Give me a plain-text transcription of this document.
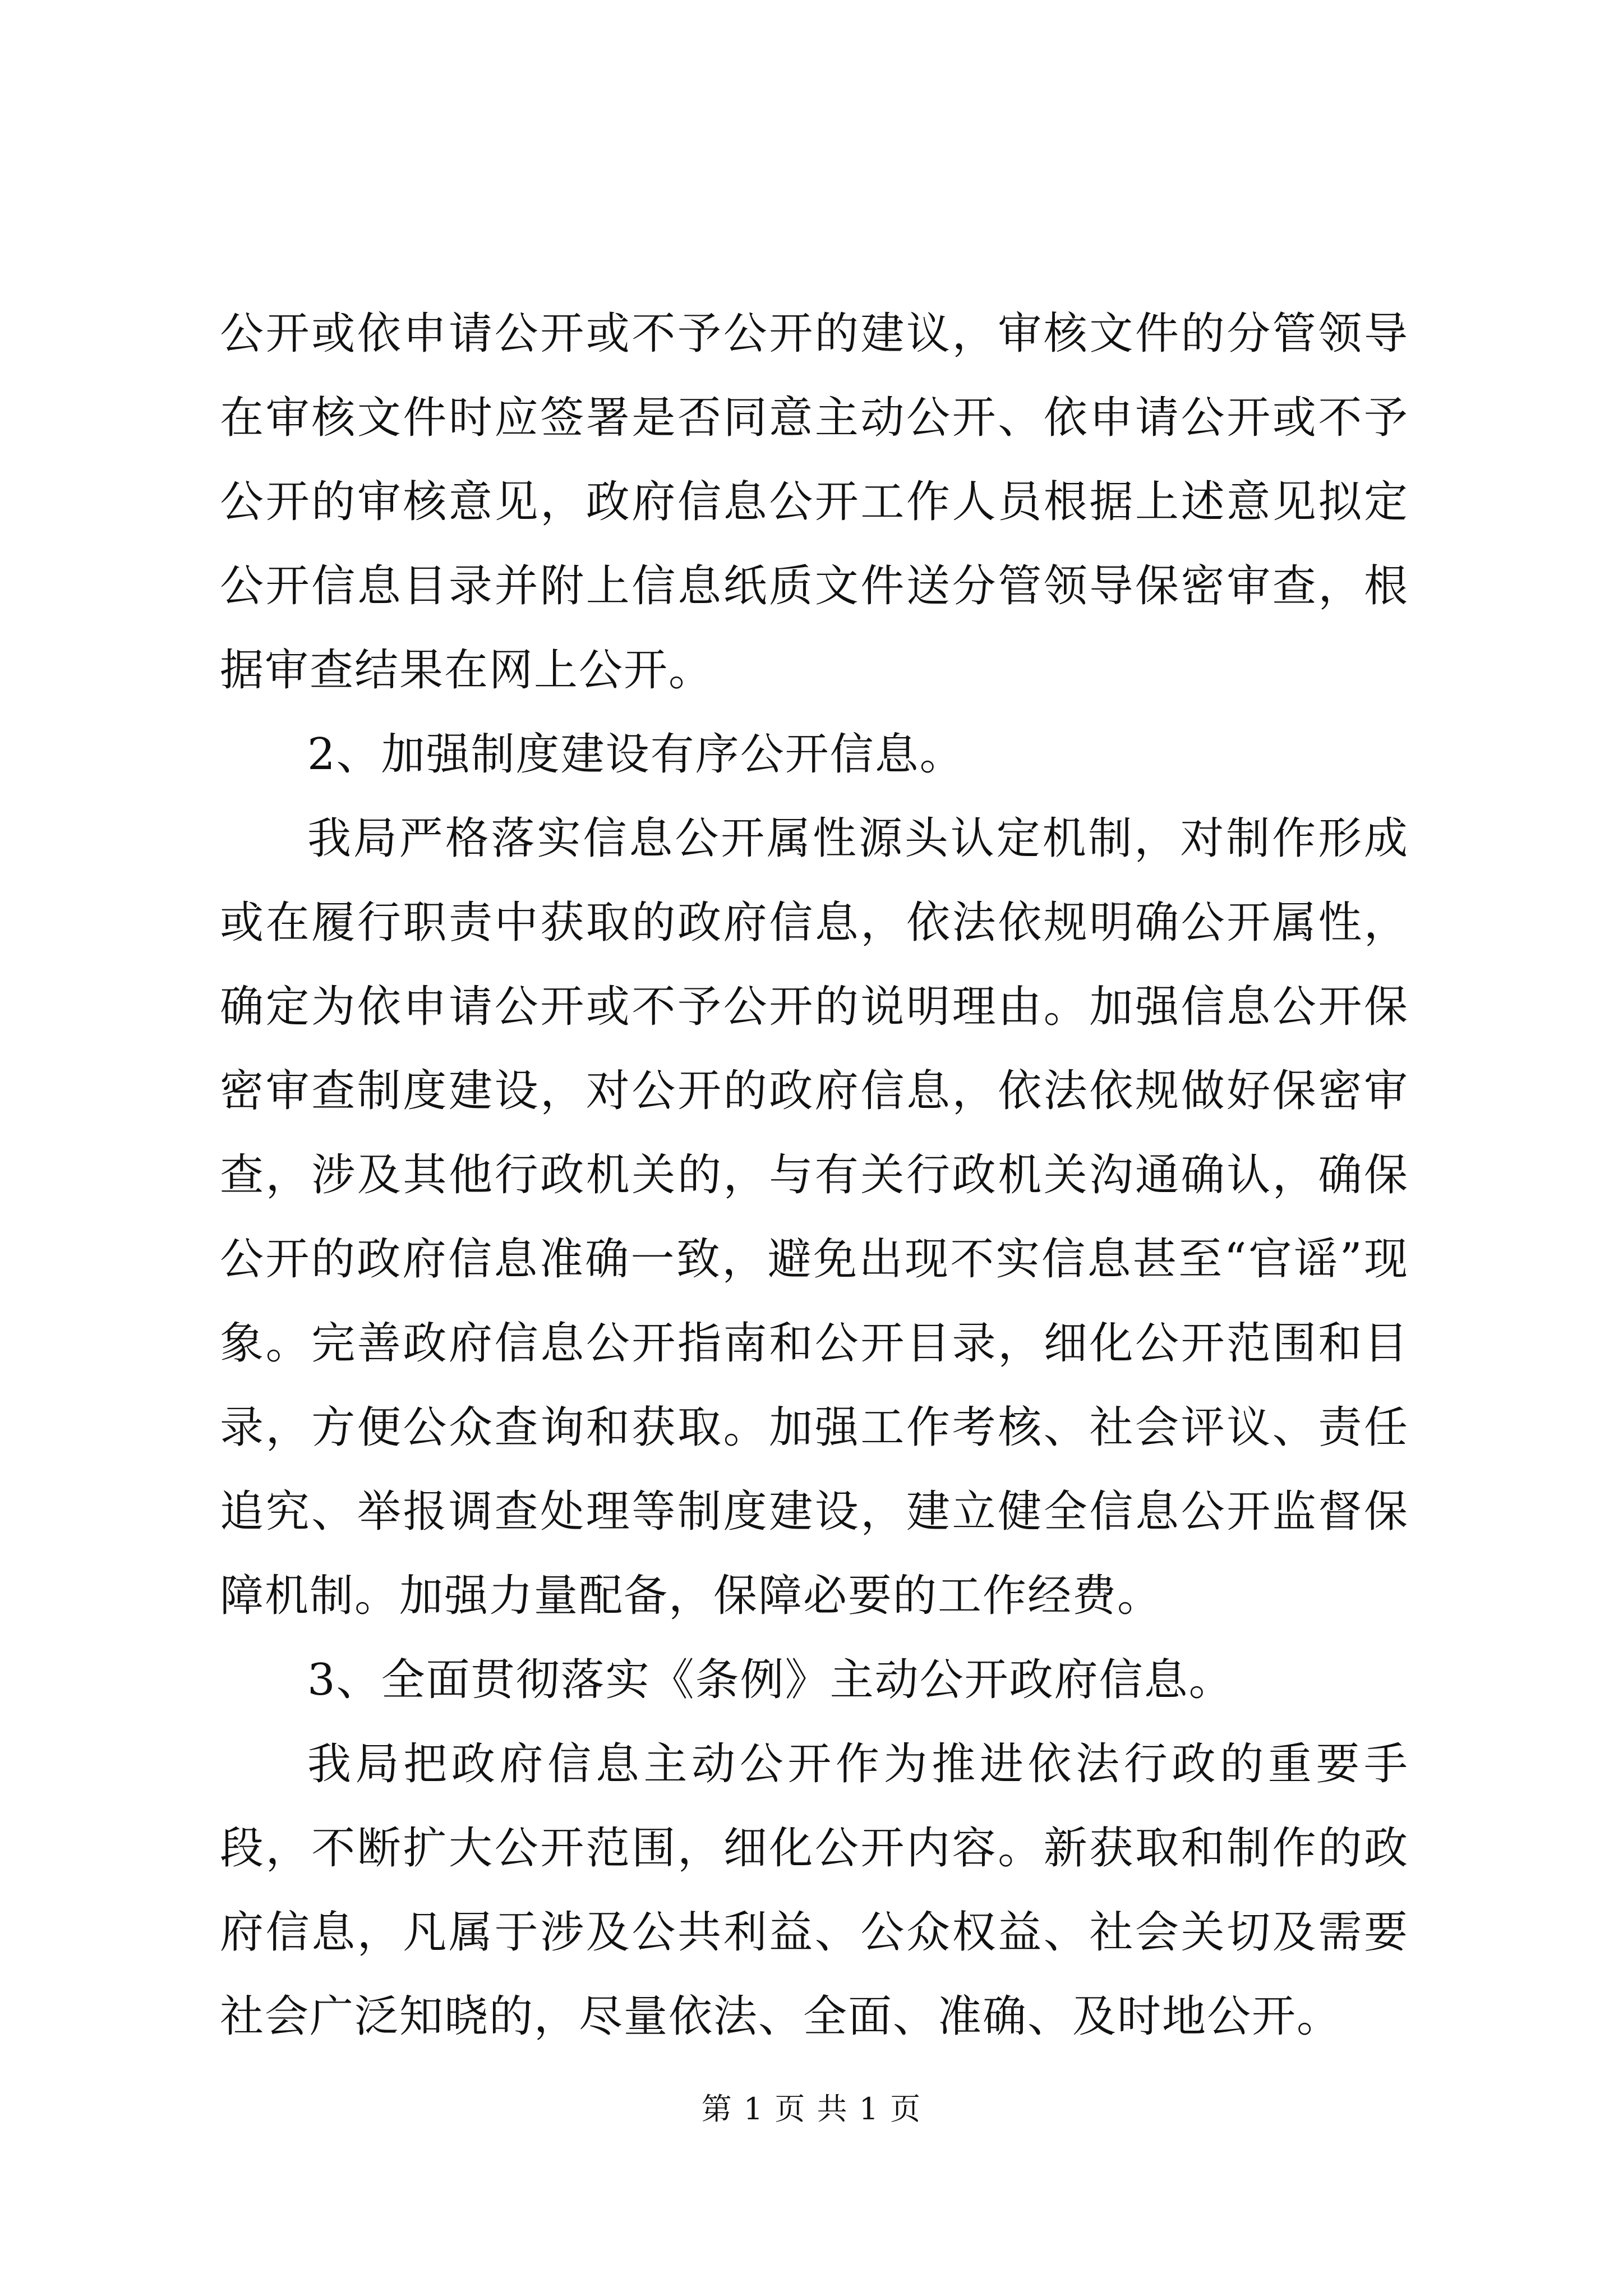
公开或依申请公开或不予公开的建议，审核文件的分管领导在审核文件时应签署是否同意主动公开、依申请公开或不予公开的审核意见，政府信息公开工作人员根据上述意见拟定公开信息目录并附上信息纸质文件送分管领导保密审查，根据审查结果在网上公开。

2、加强制度建设有序公开信息。

我局严格落实信息公开属性源头认定机制，对制作形成或在履行职责中获取的政府信息，依法依规明确公开属性，确定为依申请公开或不予公开的说明理由。加强信息公开保密审查制度建设，对公开的政府信息，依法依规做好保密审查，涉及其他行政机关的，与有关行政机关沟通确认，确保公开的政府信息准确一致，避免出现不实信息甚至“官谣”现象。完善政府信息公开指南和公开目录，细化公开范围和目录，方便公众查询和获取。加强工作考核、社会评议、责任追究、举报调查处理等制度建设，建立健全信息公开监督保障机制。加强力量配备，保障必要的工作经费。

3、全面贯彻落实《条例》主动公开政府信息。

我局把政府信息主动公开作为推进依法行政的重要手段，不断扩大公开范围，细化公开内容。新获取和制作的政府信息，凡属于涉及公共利益、公众权益、社会关切及需要社会广泛知晓的，尽量依法、全面、准确、及时地公开。

第 1 页 共 1 页
